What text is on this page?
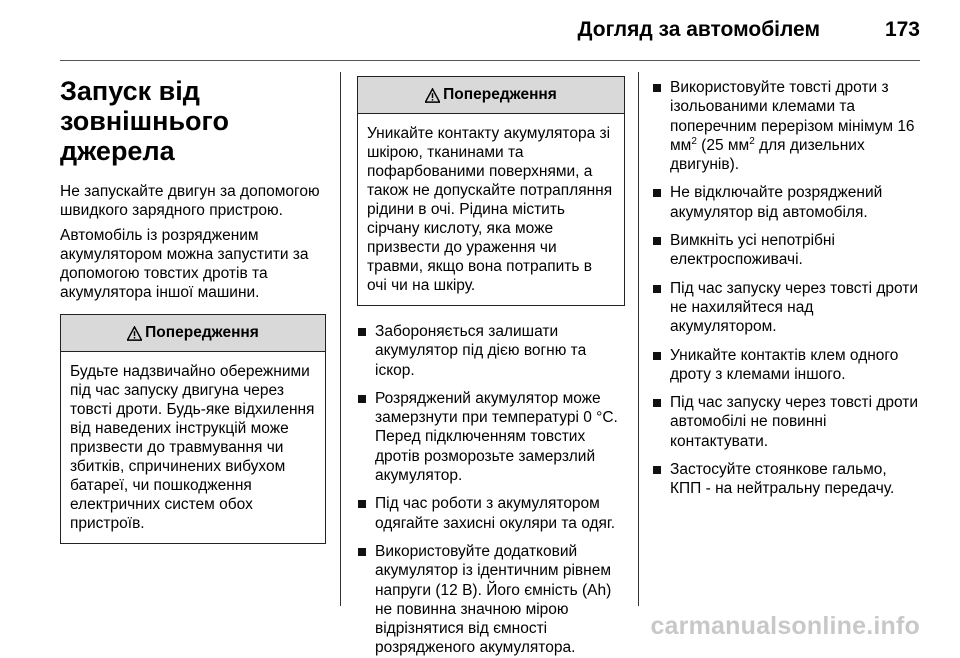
Догляд за автомобілем	173
Запуск від
зовнішнього джерела

Не запускайте двигун за допомогою швидкого зарядного пристрою.

Автомобіль із розрядженим акумулятором можна запустити за допомогою товстих дротів та акумулятора іншої машини.

Попередження
Будьте надзвичайно обережними під час запуску двигуна через товсті дроти. Будь-яке відхилення від наведених інструкцій може призвести до травмування чи збитків, спричинених вибухом батареї, чи пошкодження електричних систем обох пристроїв.
Попередження
Уникайте контакту акумулятора зі шкірою, тканинами та пофарбованими поверхнями, а також не допускайте потрапляння рідини в очі. Рідина містить сірчану кислоту, яка може призвести до ураження чи травми, якщо вона потрапить в очі чи на шкіру.
Забороняється залишати акумулятор під дією вогню та іскор.
Розряджений акумулятор може замерзнути при температурі 0 °C. Перед підключенням товстих дротів розморозьте замерзлий акумулятор.
Під час роботи з акумулятором одягайте захисні окуляри та одяг.
Використовуйте додатковий акумулятор із ідентичним рівнем напруги (12 В). Його ємність (Ah) не повинна значною мірою відрізнятися від ємності розрядженого акумулятора.
Використовуйте товсті дроти з ізольованими клемами та поперечним перерізом мінімум 16 $мм^2$ (25 $мм^2$ для дизельних двигунів).
Не відключайте розряджений акумулятор від автомобіля.
Вимкніть усі непотрібні електроспоживачі.
Під час запуску через товсті дроти не нахиляйтеся над акумулятором.
Уникайте контактів клем одного дроту з клемами іншого.
Під час запуску через товсті дроти автомобілі не повинні контактувати.
Застосуйте стоянкове гальмо, КПП - на нейтральну передачу.
carmanualsonline.info
